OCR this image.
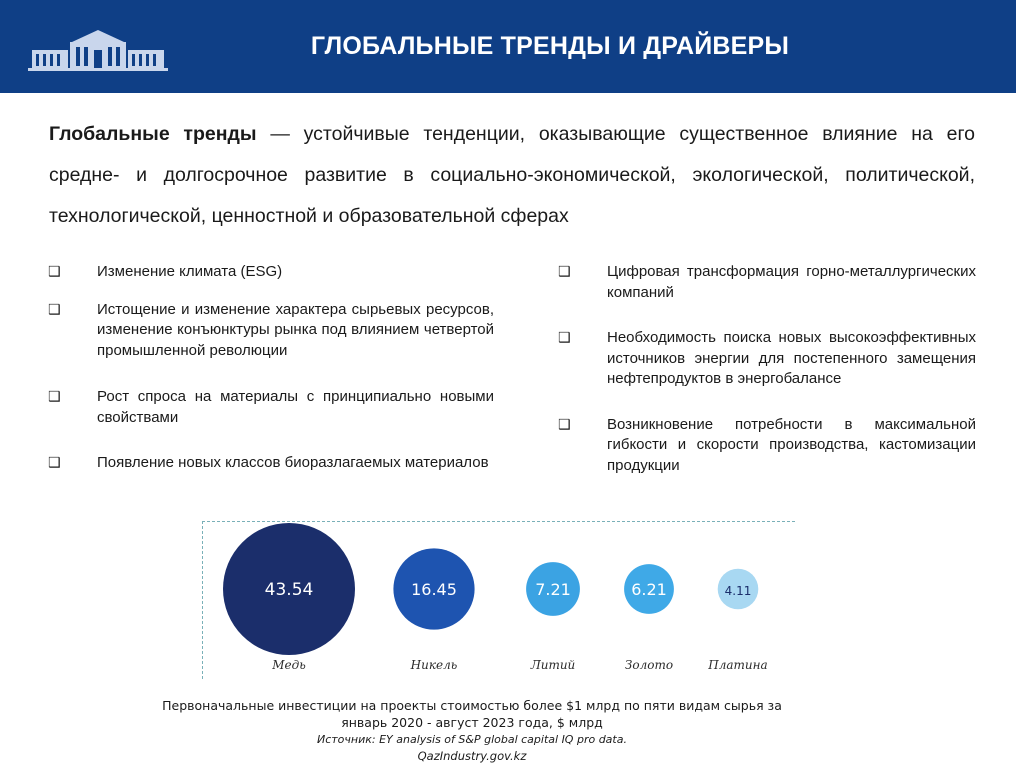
ГЛОБАЛЬНЫЕ ТРЕНДЫ И ДРАЙВЕРЫ
Глобальные тренды — устойчивые тенденции, оказывающие существенное влияние на его средне- и долгосрочное развитие в социально-экономической, экологической, политической, технологической, ценностной и образовательной сферах
❑ Изменение климата (ESG)
❑ Истощение и изменение характера сырьевых ресурсов, изменение конъюнктуры рынка под влиянием четвертой промышленной революции
❑ Рост спроса на материалы с принципиально новыми свойствами
❑ Появление новых классов биоразлагаемых материалов
❑ Цифровая трансформация горно-металлургических компаний
❑ Необходимость поиска новых высокоэффективных источников энергии для постепенного замещения нефтепродуктов в энергобалансе
❑ Возникновение потребности в максимальной гибкости и скорости производства, кастомизации продукции
43.54
Медь
16.45
Никель
7.21
Литий
6.21
Золото
4.11
Платина
Первоначальные инвестиции на проекты стоимостью более $1 млрд по пяти видам сырья за январь 2020 - август 2023 года, $ млрд
Источник: EY analysis of S&P global capital IQ pro data.
QazIndustry.gov.kz
